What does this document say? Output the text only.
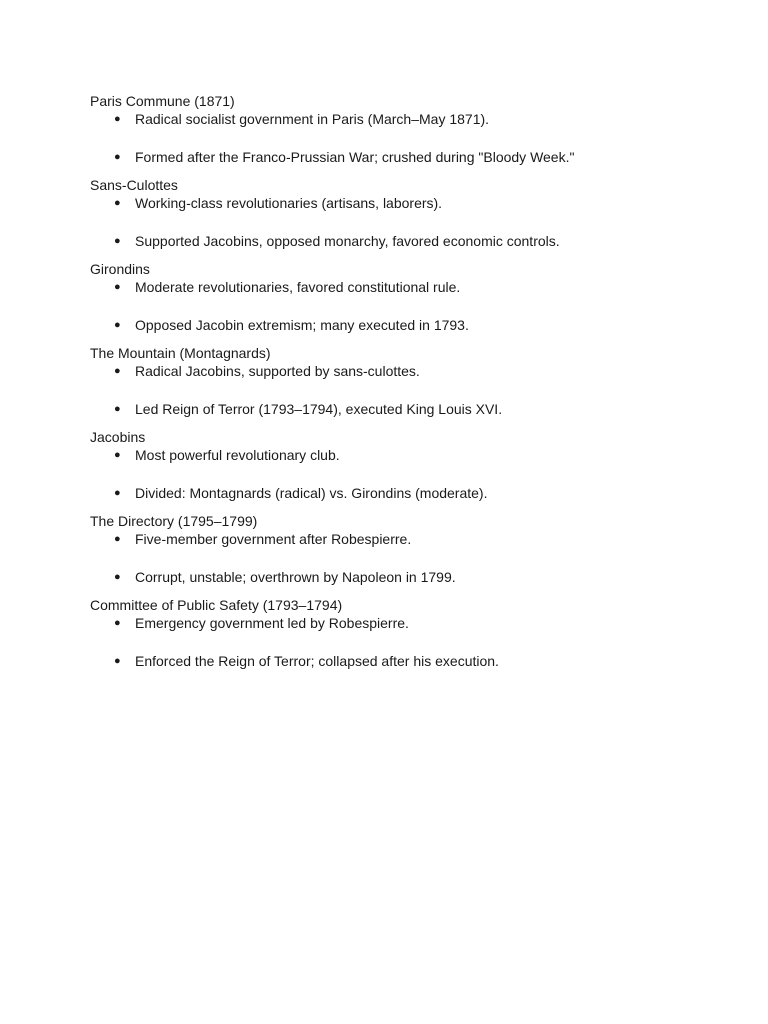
Paris Commune (1871)

● Radical socialist government in Paris (March–May 1871).
● Formed after the Franco-Prussian War; crushed during "Bloody Week."

Sans-Culottes

● Working-class revolutionaries (artisans, laborers).
● Supported Jacobins, opposed monarchy, favored economic controls.

Girondins

● Moderate revolutionaries, favored constitutional rule.
● Opposed Jacobin extremism; many executed in 1793.

The Mountain (Montagnards)

● Radical Jacobins, supported by sans-culottes.
● Led Reign of Terror (1793–1794), executed King Louis XVI.

Jacobins

● Most powerful revolutionary club.
● Divided: Montagnards (radical) vs. Girondins (moderate).

The Directory (1795–1799)

● Five-member government after Robespierre.
● Corrupt, unstable; overthrown by Napoleon in 1799.

Committee of Public Safety (1793–1794)

● Emergency government led by Robespierre.
● Enforced the Reign of Terror; collapsed after his execution.
